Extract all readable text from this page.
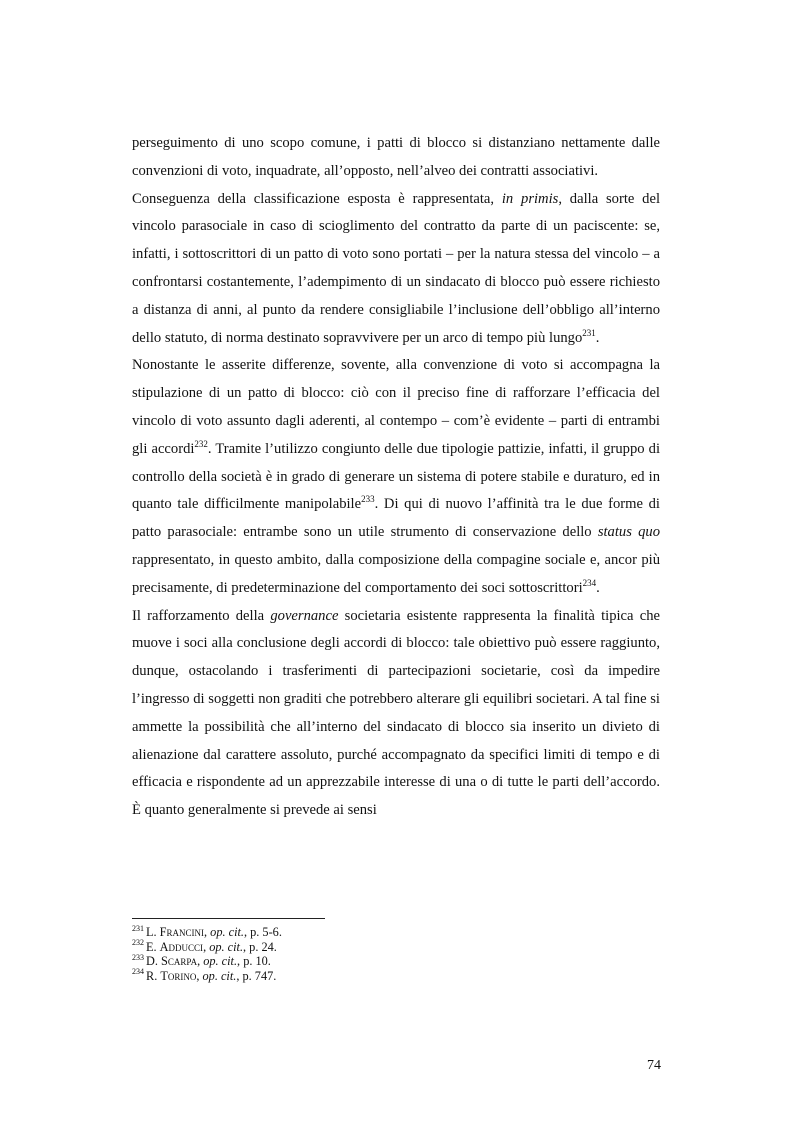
perseguimento di uno scopo comune, i patti di blocco si distanziano nettamente dalle convenzioni di voto, inquadrate, all’opposto, nell’alveo dei contratti associativi.

Conseguenza della classificazione esposta è rappresentata, in primis, dalla sorte del vincolo parasociale in caso di scioglimento del contratto da parte di un paciscente: se, infatti, i sottoscrittori di un patto di voto sono portati – per la natura stessa del vincolo – a confrontarsi costantemente, l’adempimento di un sindacato di blocco può essere richiesto a distanza di anni, al punto da rendere consigliabile l’inclusione dell’obbligo all’interno dello statuto, di norma destinato sopravvivere per un arco di tempo più lungo$^{231}$.

Nonostante le asserite differenze, sovente, alla convenzione di voto si accompagna la stipulazione di un patto di blocco: ciò con il preciso fine di rafforzare l’efficacia del vincolo di voto assunto dagli aderenti, al contempo – com’è evidente – parti di entrambi gli accordi$^{232}$. Tramite l’utilizzo congiunto delle due tipologie pattizie, infatti, il gruppo di controllo della società è in grado di generare un sistema di potere stabile e duraturo, ed in quanto tale difficilmente manipolabile$^{233}$. Di qui di nuovo l’affinità tra le due forme di patto parasociale: entrambe sono un utile strumento di conservazione dello status quo rappresentato, in questo ambito, dalla composizione della compagine sociale e, ancor più precisamente, di predeterminazione del comportamento dei soci sottoscrittori$^{234}$.

Il rafforzamento della governance societaria esistente rappresenta la finalità tipica che muove i soci alla conclusione degli accordi di blocco: tale obiettivo può essere raggiunto, dunque, ostacolando i trasferimenti di partecipazioni societarie, così da impedire l’ingresso di soggetti non graditi che potrebbero alterare gli equilibri societari. A tal fine si ammette la possibilità che all’interno del sindacato di blocco sia inserito un divieto di alienazione dal carattere assoluto, purché accompagnato da specifici limiti di tempo e di efficacia e rispondente ad un apprezzabile interesse di una o di tutte le parti dell’accordo. È quanto generalmente si prevede ai sensi

$^{231}$ L. Francini, op. cit., p. 5-6.

$^{232}$ E. Adducci, op. cit., p. 24.

$^{233}$ D. Scarpa, op. cit., p. 10.

$^{234}$ R. Torino, op. cit., p. 747.

74
